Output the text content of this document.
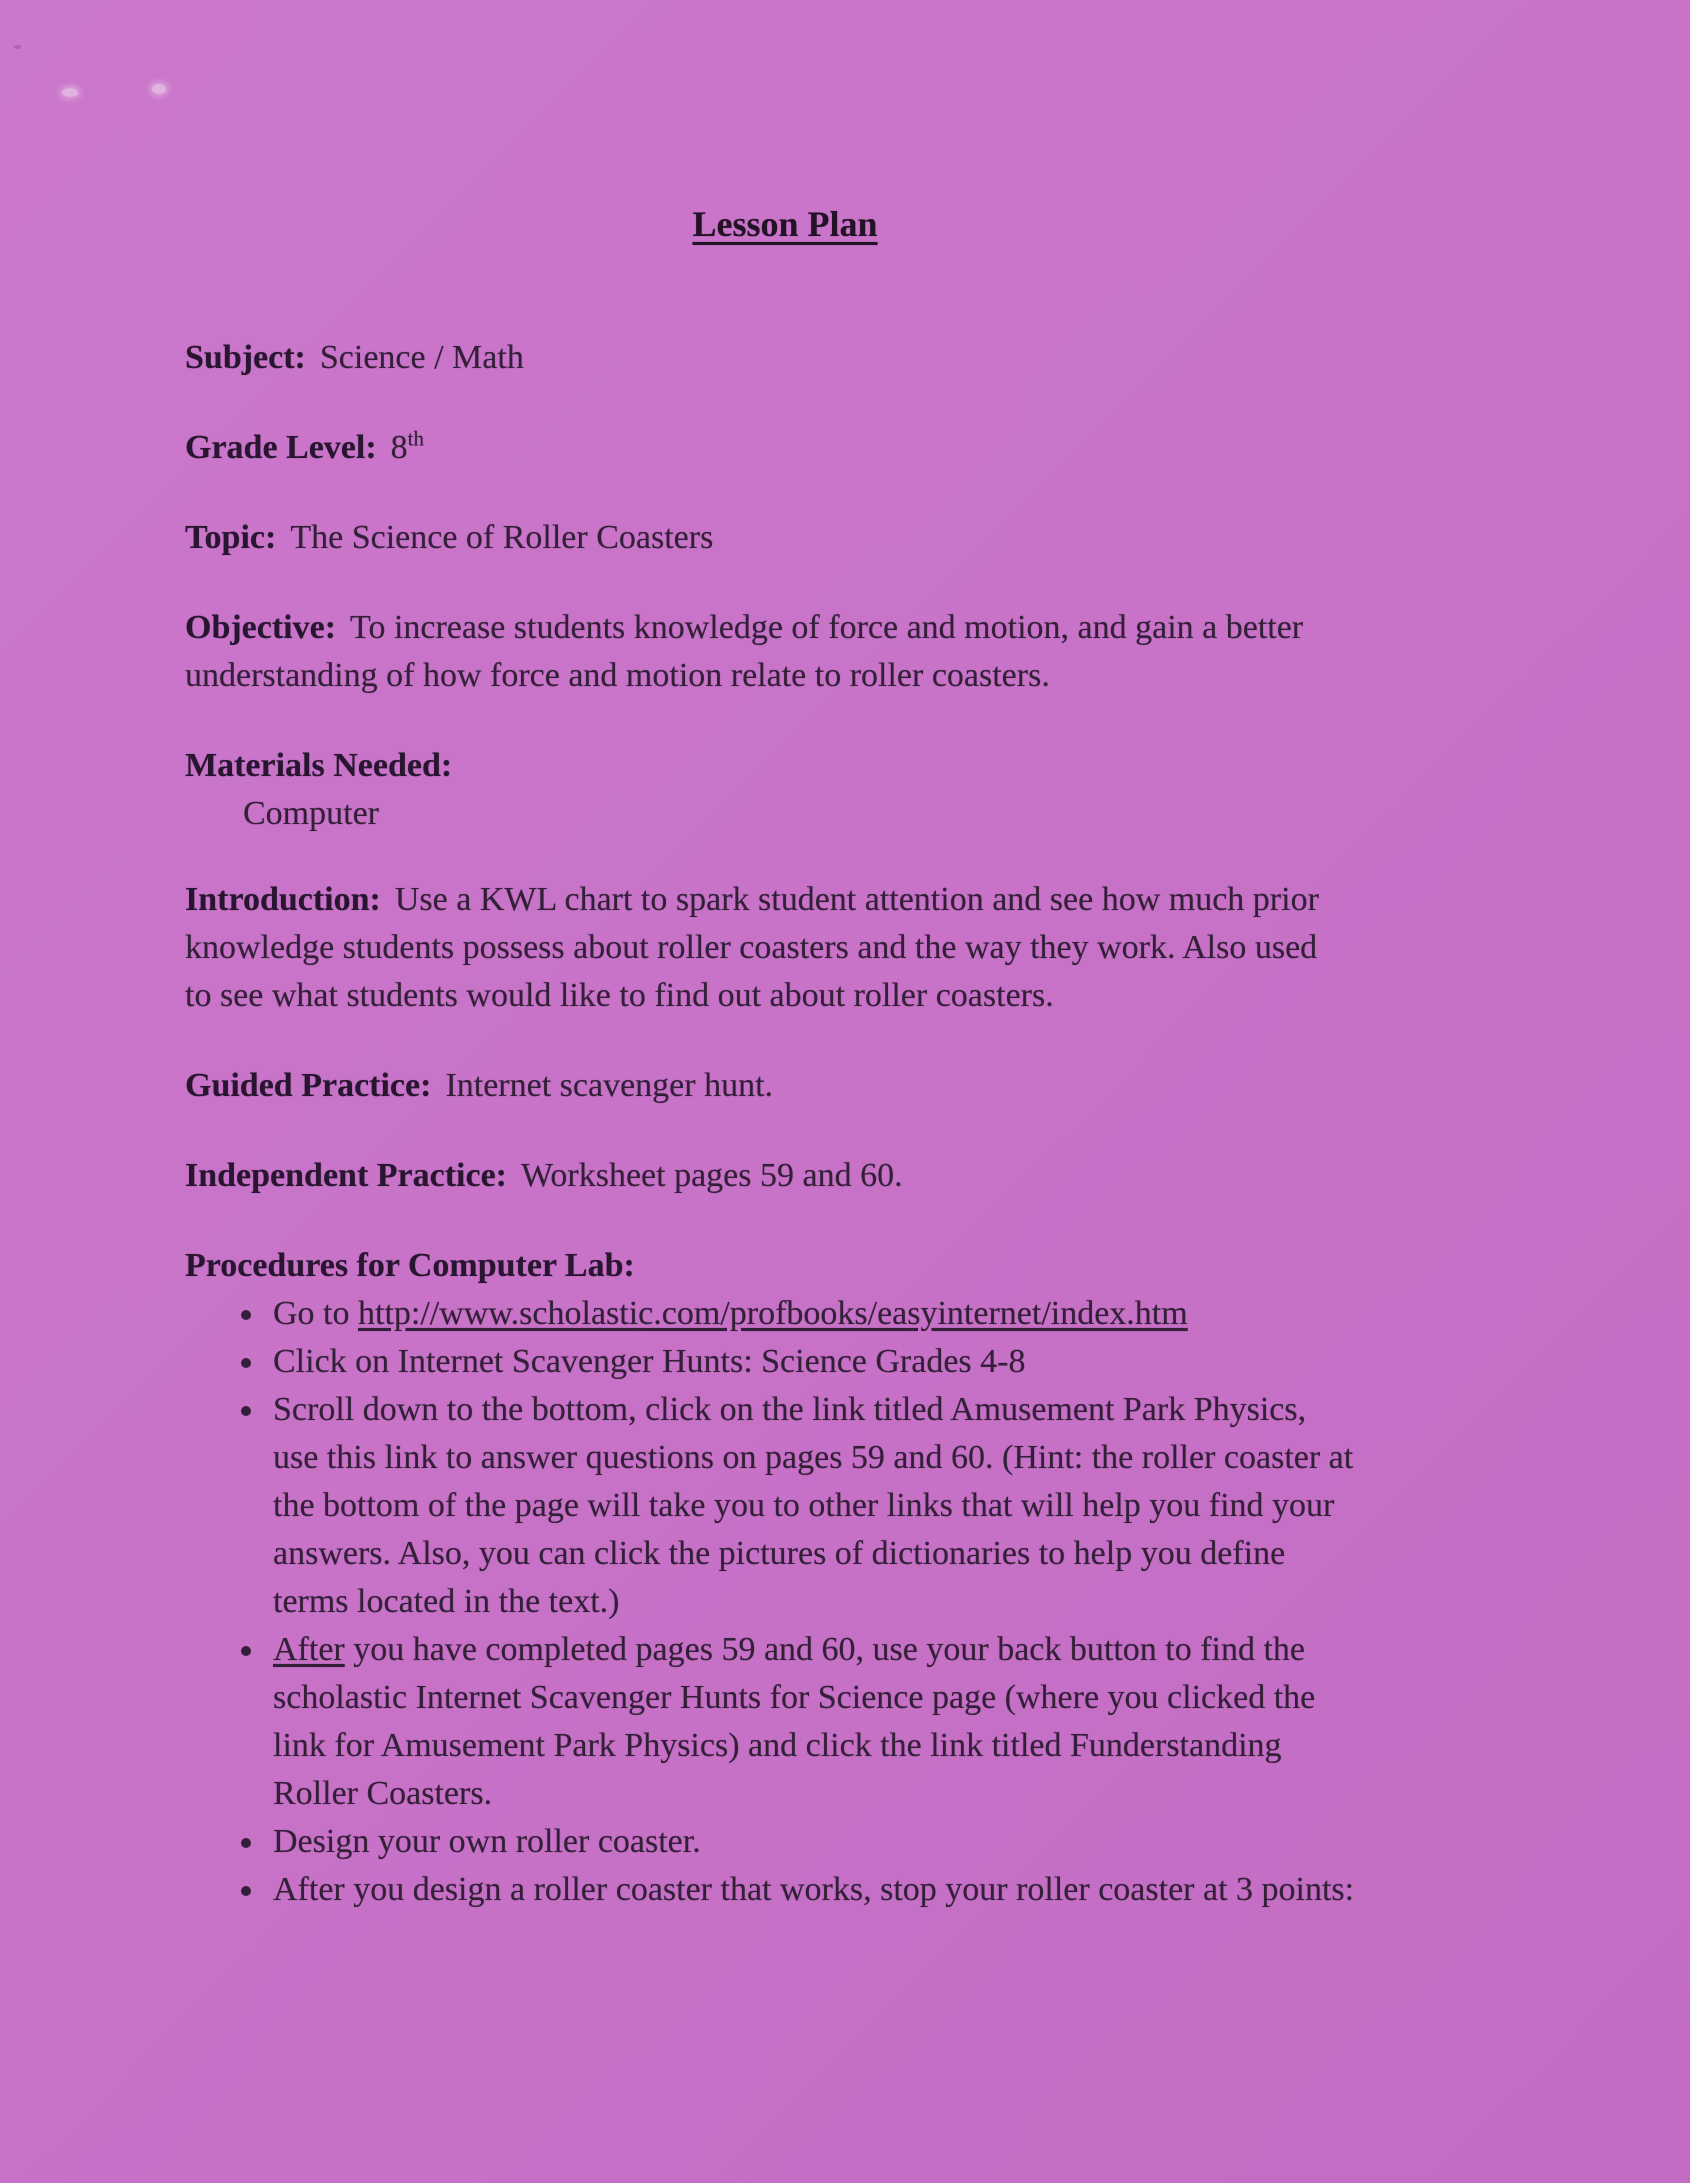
Lesson Plan

Subject: Science / Math

Grade Level: 8th

Topic: The Science of Roller Coasters

Objective: To increase students knowledge of force and motion, and gain a better understanding of how force and motion relate to roller coasters.

Materials Needed:

Computer

Introduction: Use a KWL chart to spark student attention and see how much prior knowledge students possess about roller coasters and the way they work. Also used to see what students would like to find out about roller coasters.

Guided Practice: Internet scavenger hunt.

Independent Practice: Worksheet pages 59 and 60.

Procedures for Computer Lab:

• Go to http://www.scholastic.com/profbooks/easyinternet/index.htm
• Click on Internet Scavenger Hunts: Science Grades 4-8
• Scroll down to the bottom, click on the link titled Amusement Park Physics, use this link to answer questions on pages 59 and 60. (Hint: the roller coaster at the bottom of the page will take you to other links that will help you find your answers. Also, you can click the pictures of dictionaries to help you define terms located in the text.)
• After you have completed pages 59 and 60, use your back button to find the scholastic Internet Scavenger Hunts for Science page (where you clicked the link for Amusement Park Physics) and click the link titled Funderstanding Roller Coasters.
• Design your own roller coaster.
• After you design a roller coaster that works, stop your roller coaster at 3 points:
